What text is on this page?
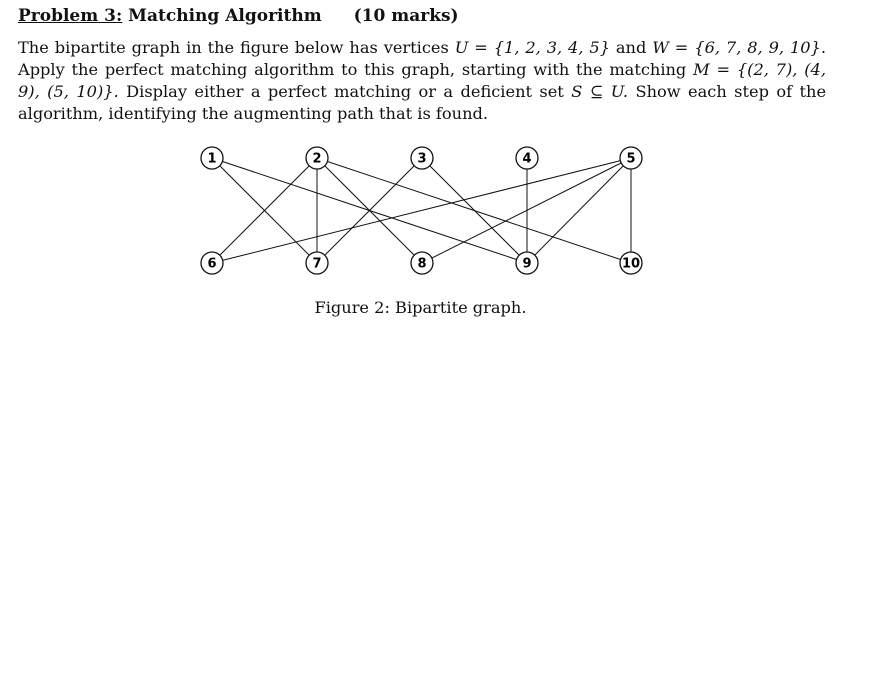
Problem 3: Matching Algorithm (10 marks)

The bipartite graph in the figure below has vertices U = {1, 2, 3, 4, 5} and W = {6, 7, 8, 9, 10}. Apply the perfect matching algorithm to this graph, starting with the matching M = {(2, 7), (4, 9), (5, 10)}. Display either a perfect matching or a deficient set S ⊆ U. Show each step of the algorithm, identifying the augmenting path that is found.

1	2	3	4	5
6	7	8	9	10
Figure 2: Bipartite graph.
